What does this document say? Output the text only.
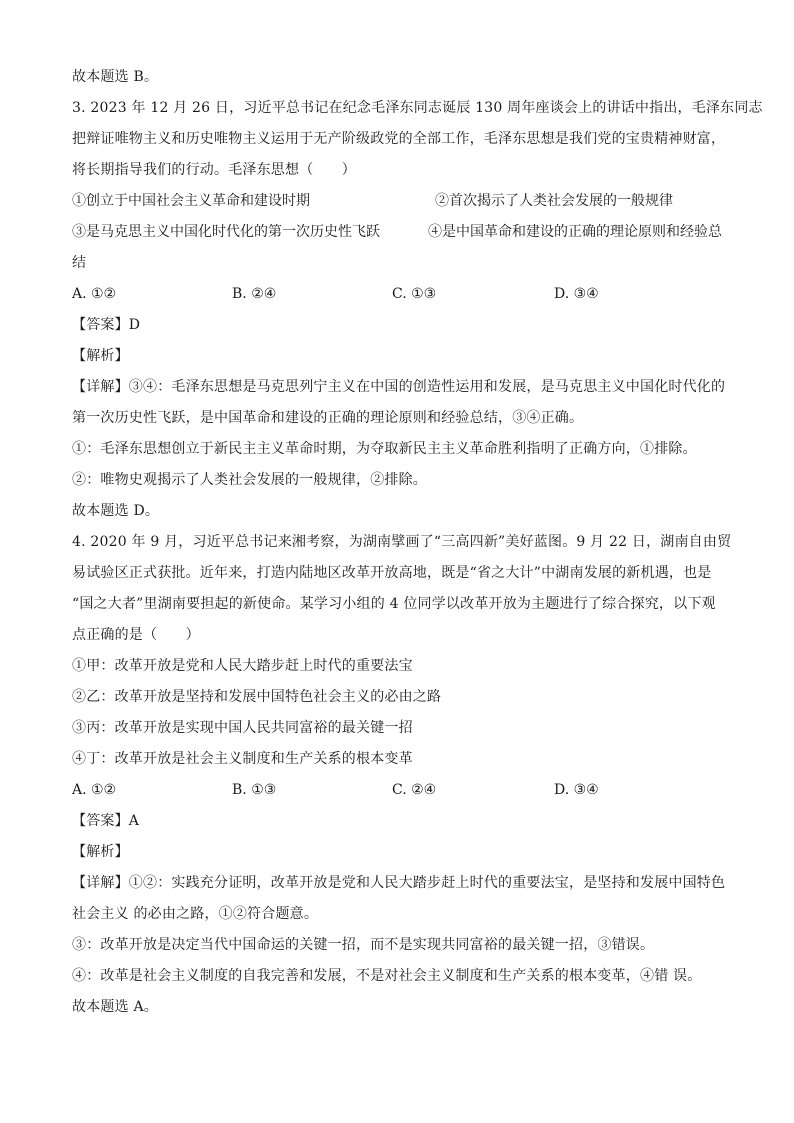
故本题选 B。
3. 2023 年 12 月 26 日，习近平总书记在纪念毛泽东同志诞辰 130 周年座谈会上的讲话中指出，毛泽东同志
把辩证唯物主义和历史唯物主义运用于无产阶级政党的全部工作，毛泽东思想是我们党的宝贵精神财富，
将长期指导我们的行动。毛泽东思想（　　）
①创立于中国社会主义革命和建设时期	②首次揭示了人类社会发展的一般规律
③是马克思主义中国化时代化的第一次历史性飞跃	④是中国革命和建设的正确的理论原则和经验总
结
A. ①②	B. ②④	C. ①③	D. ③④
【答案】D
【解析】
【详解】③④：毛泽东思想是马克思列宁主义在中国的创造性运用和发展，是马克思主义中国化时代化的
第一次历史性飞跃，是中国革命和建设的正确的理论原则和经验总结，③④正确。
①：毛泽东思想创立于新民主主义革命时期，为夺取新民主主义革命胜利指明了正确方向，①排除。
②：唯物史观揭示了人类社会发展的一般规律，②排除。
故本题选 D。
4. 2020 年 9 月，习近平总书记来湘考察，为湖南擘画了“三高四新”美好蓝图。9 月 22 日，湖南自由贸
易试验区正式获批。近年来，打造内陆地区改革开放高地，既是“省之大计”中湖南发展的新机遇，也是
“国之大者”里湖南要担起的新使命。某学习小组的 4 位同学以改革开放为主题进行了综合探究，以下观
点正确的是（　　）
①甲：改革开放是党和人民大踏步赶上时代的重要法宝
②乙：改革开放是坚持和发展中国特色社会主义的必由之路
③丙：改革开放是实现中国人民共同富裕的最关键一招
④丁：改革开放是社会主义制度和生产关系的根本变革
A. ①②	B. ①③	C. ②④	D. ③④
【答案】A
【解析】
【详解】①②：实践充分证明，改革开放是党和人民大踏步赶上时代的重要法宝，是坚持和发展中国特色
社会主义 的必由之路，①②符合题意。
③：改革开放是决定当代中国命运的关键一招，而不是实现共同富裕的最关键一招，③错误。
④：改革是社会主义制度的自我完善和发展，不是对社会主义制度和生产关系的根本变革，④错 误。
故本题选 A。
